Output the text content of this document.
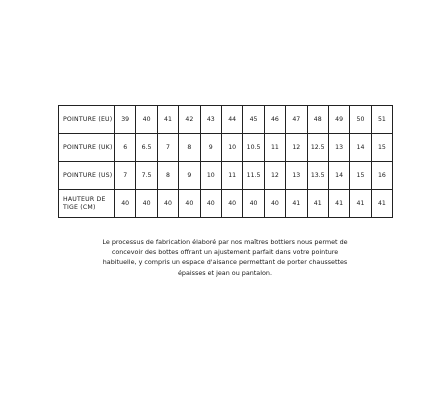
POINTURE (EU)	39	40	41	42	43	44	45	46	47	48	49	50	51
POINTURE (UK)	6	6.5	7	8	9	10	10.5	11	12	12.5	13	14	15
POINTURE (US)	7	7.5	8	9	10	11	11.5	12	13	13.5	14	15	16
HAUTEUR DE TIGE (CM)	40	40	40	40	40	40	40	40	41	41	41	41	41

Le processus de fabrication élaboré par nos maîtres bottiers nous permet de concevoir des bottes offrant un ajustement parfait dans votre pointure habituelle, y compris un espace d'aisance permettant de porter chaussettes épaisses et jean ou pantalon.
